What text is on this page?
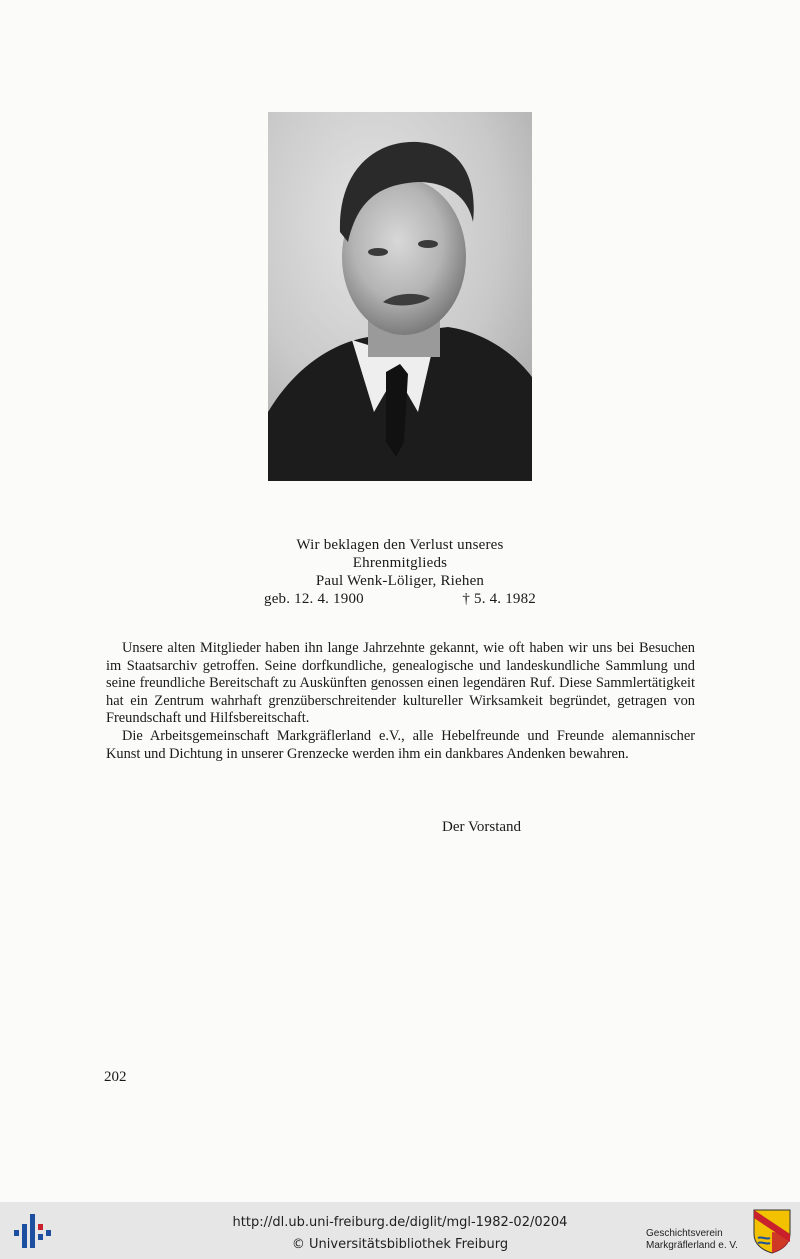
Wir beklagen den Verlust unseres
Ehrenmitglieds
Paul Wenk-Löliger, Riehen
geb. 12. 4. 1900	† 5. 4. 1982

Unsere alten Mitglieder haben ihn lange Jahrzehnte gekannt, wie oft haben wir uns bei Besuchen im Staatsarchiv getroffen. Seine dorfkundliche, genealogische und landeskundliche Sammlung und seine freundliche Bereitschaft zu Auskünften genossen einen legendären Ruf. Diese Sammlertätigkeit hat ein Zentrum wahrhaft grenzüberschreitender kultureller Wirksamkeit begründet, getragen von Freundschaft und Hilfsbereitschaft.

Die Arbeitsgemeinschaft Markgräflerland e.V., alle Hebelfreunde und Freunde alemannischer Kunst und Dichtung in unserer Grenzecke werden ihm ein dankbares Andenken bewahren.

Der Vorstand
202
http://dl.ub.uni-freiburg.de/diglit/mgl-1982-02/0204
© Universitätsbibliothek Freiburg
Geschichtsverein
Markgräflerland e. V.
